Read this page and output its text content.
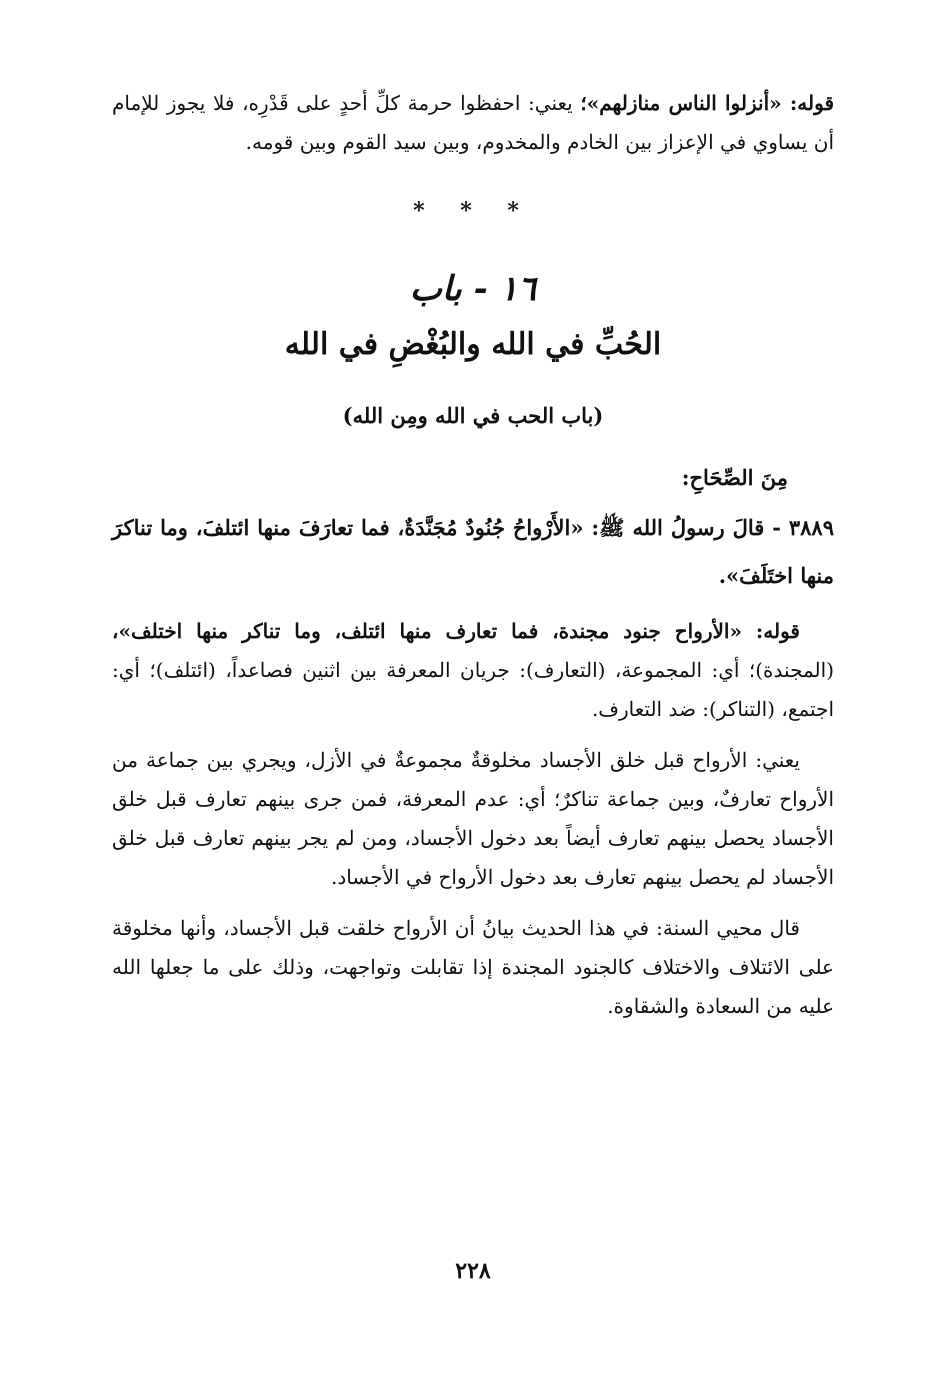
قوله: «أنزلوا الناس منازلهم»؛ يعني: احفظوا حرمة كلِّ أحدٍ على قَدْرِه، فلا يجوز للإمام أن يساوي في الإعزاز بين الخادم والمخدوم، وبين سيد القوم وبين قومه.

* * *
١٦ - باب
الحُبِّ في الله والبُغْضِ في الله
(باب الحب في الله ومِن الله)
مِنَ الصِّحَاحِ:

٣٨٨٩ - قالَ رسولُ الله ﷺ: «الأَرْواحُ جُنُودٌ مُجَنَّدَةٌ، فما تعارَفَ منها ائتلفَ، وما تناكرَ منها اختَلَفَ».

قوله: «الأرواح جنود مجندة، فما تعارف منها ائتلف، وما تناكر منها اختلف»، (المجندة)؛ أي: المجموعة، (التعارف): جريان المعرفة بين اثنين فصاعداً، (ائتلف)؛ أي: اجتمع، (التناكر): ضد التعارف.

يعني: الأرواح قبل خلق الأجساد مخلوقةٌ مجموعةٌ في الأزل، ويجري بين جماعة من الأرواح تعارفٌ، وبين جماعة تناكرٌ؛ أي: عدم المعرفة، فمن جرى بينهم تعارف قبل خلق الأجساد يحصل بينهم تعارف أيضاً بعد دخول الأجساد، ومن لم يجر بينهم تعارف قبل خلق الأجساد لم يحصل بينهم تعارف بعد دخول الأرواح في الأجساد.

قال محيي السنة: في هذا الحديث بيانُ أن الأرواح خلقت قبل الأجساد، وأنها مخلوقة على الائتلاف والاختلاف كالجنود المجندة إذا تقابلت وتواجهت، وذلك على ما جعلها الله عليه من السعادة والشقاوة.

٢٢٨
